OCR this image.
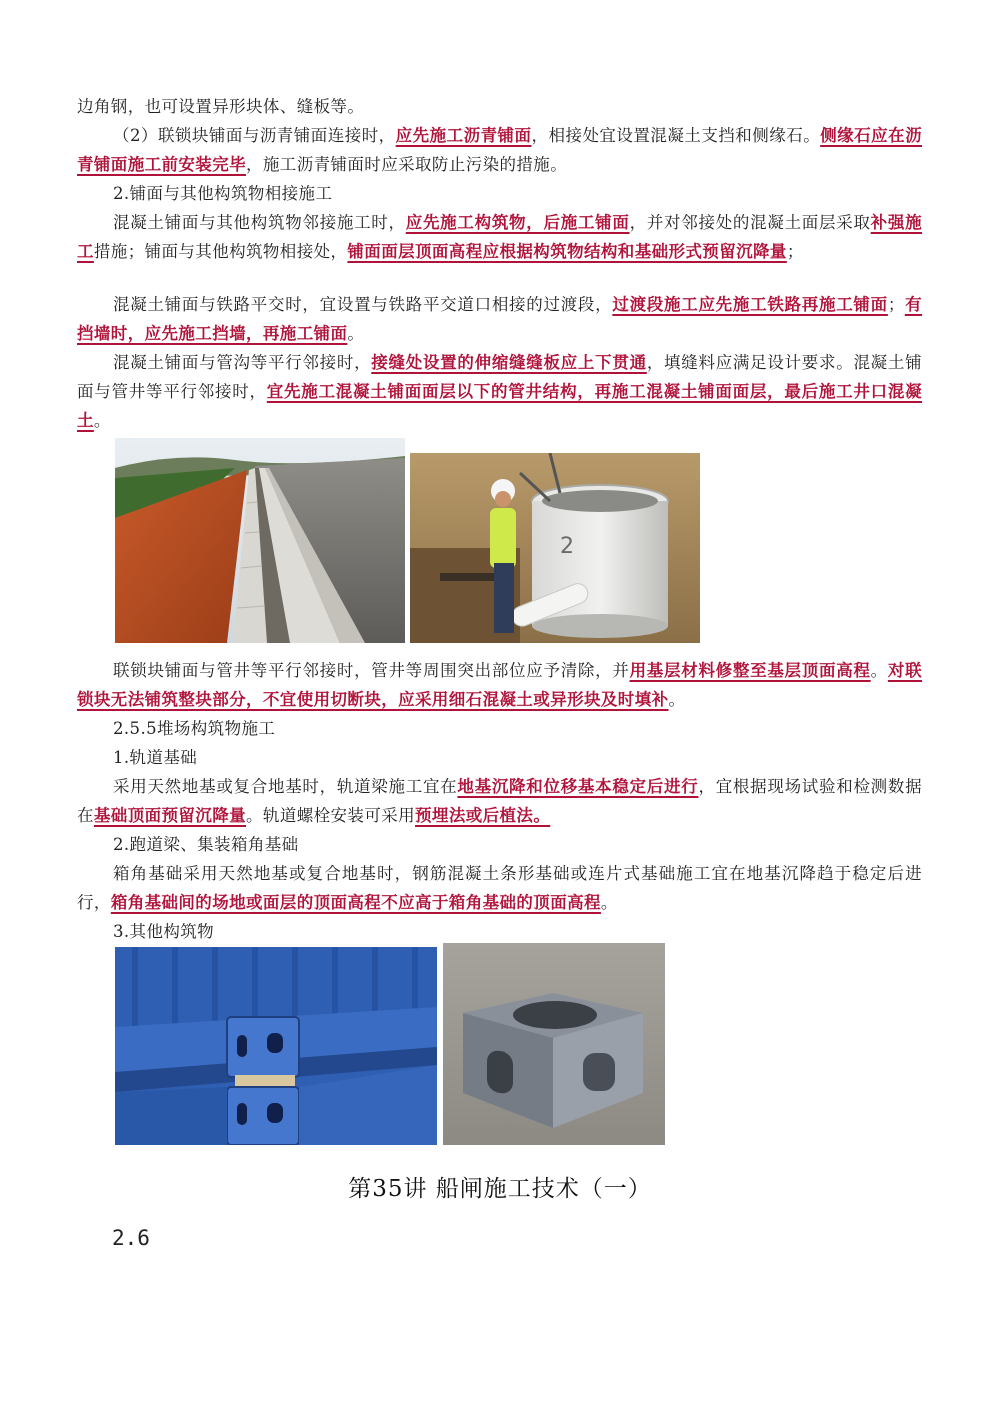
边角钢，也可设置异形块体、缝板等。

（2）联锁块铺面与沥青铺面连接时，应先施工沥青铺面，相接处宜设置混凝土支挡和侧缘石。侧缘石应在沥青铺面施工前安装完毕，施工沥青铺面时应采取防止污染的措施。

2.铺面与其他构筑物相接施工

混凝土铺面与其他构筑物邻接施工时，应先施工构筑物，后施工铺面，并对邻接处的混凝土面层采取补强施工措施；铺面与其他构筑物相接处，铺面面层顶面高程应根据构筑物结构和基础形式预留沉降量；

混凝土铺面与铁路平交时，宜设置与铁路平交道口相接的过渡段，过渡段施工应先施工铁路再施工铺面；有挡墙时，应先施工挡墙，再施工铺面。

混凝土铺面与管沟等平行邻接时，接缝处设置的伸缩缝缝板应上下贯通，填缝料应满足设计要求。混凝土铺面与管井等平行邻接时，宜先施工混凝土铺面面层以下的管井结构，再施工混凝土铺面面层，最后施工井口混凝土。

2

联锁块铺面与管井等平行邻接时，管井等周围突出部位应予清除，并用基层材料修整至基层顶面高程。对联锁块无法铺筑整块部分，不宜使用切断块，应采用细石混凝土或异形块及时填补。

2.5.5堆场构筑物施工

1.轨道基础

采用天然地基或复合地基时，轨道梁施工宜在地基沉降和位移基本稳定后进行，宜根据现场试验和检测数据在基础顶面预留沉降量。轨道螺栓安装可采用预埋法或后植法。

2.跑道梁、集装箱角基础

箱角基础采用天然地基或复合地基时，钢筋混凝土条形基础或连片式基础施工宜在地基沉降趋于稳定后进行，箱角基础间的场地或面层的顶面高程不应高于箱角基础的顶面高程。

3.其他构筑物

第35讲 船闸施工技术（一）
2.6
